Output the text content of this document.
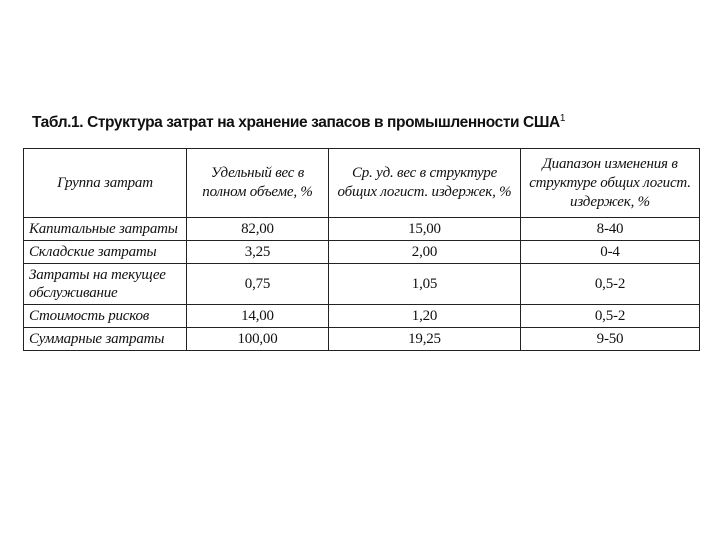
Табл.1. Структура затрат на хранение запасов в промышленности США$^1$
Группа затрат	Удельный вес в полном объеме, %	Ср. уд. вес в структуре общих логист. издержек, %	Диапазон изменения в структуре общих логист. издержек, %
Капитальные затраты	82,00	15,00	8-40
Складские затраты	3,25	2,00	0-4
Затраты на текущее обслуживание	0,75	1,05	0,5-2
Стоимость рисков	14,00	1,20	0,5-2
Суммарные затраты	100,00	19,25	9-50
